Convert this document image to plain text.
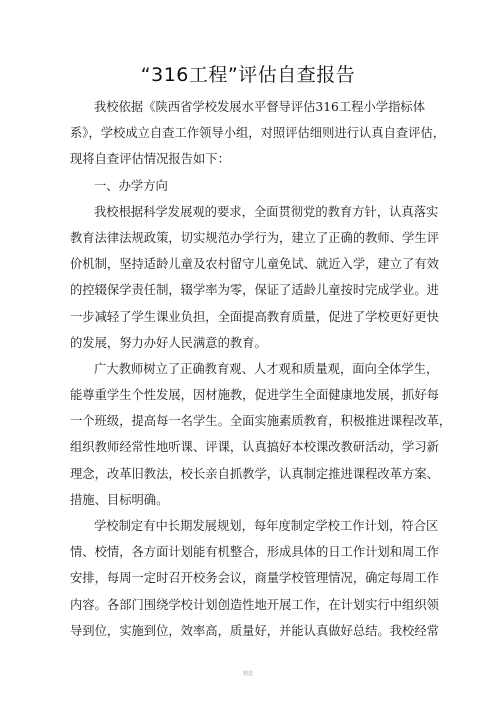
“316工程”评估自查报告
我校依据《陕西省学校发展水平督导评估316工程小学指标体
系》，学校成立自查工作领导小组，对照评估细则进行认真自查评估，
现将自查评估情况报告如下：
一、办学方向
我校根据科学发展观的要求，全面贯彻党的教育方针，认真落实
教育法律法规政策，切实规范办学行为，建立了正确的教师、学生评
价机制，坚持适龄儿童及农村留守儿童免试、就近入学，建立了有效
的控辍保学责任制，辍学率为零，保证了适龄儿童按时完成学业。进
一步减轻了学生课业负担，全面提高教育质量，促进了学校更好更快
的发展，努力办好人民满意的教育。
广大教师树立了正确教育观、人才观和质量观，面向全体学生，
能尊重学生个性发展，因材施教，促进学生全面健康地发展，抓好每
一个班级，提高每一名学生。全面实施素质教育，积极推进课程改革，
组织教师经常性地听课、评课，认真搞好本校课改教研活动，学习新
理念，改革旧教法，校长亲自抓教学，认真制定推进课程改革方案、
措施、目标明确。
学校制定有中长期发展规划，每年度制定学校工作计划，符合区
情、校情，各方面计划能有机整合，形成具体的日工作计划和周工作
安排，每周一定时召开校务会议，商量学校管理情况，确定每周工作
内容。各部门围绕学校计划创造性地开展工作，在计划实行中组织领
导到位，实施到位，效率高，质量好，并能认真做好总结。我校经常
精选
